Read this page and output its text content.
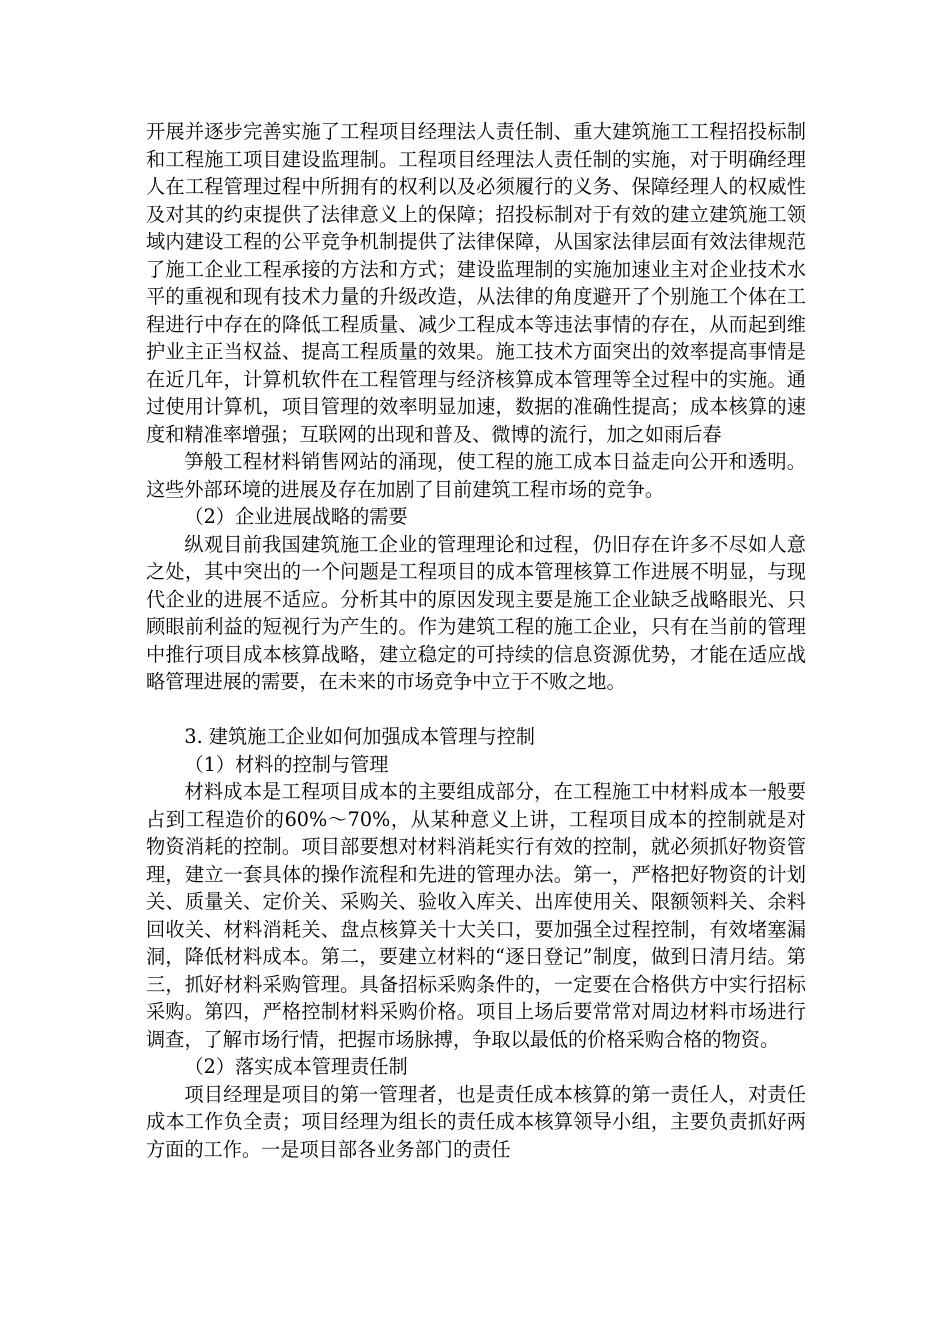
开展并逐步完善实施了工程项目经理法人责任制、重大建筑施工工程招投标制和工程施工项目建设监理制。工程项目经理法人责任制的实施，对于明确经理人在工程管理过程中所拥有的权利以及必须履行的义务、保障经理人的权威性及对其的约束提供了法律意义上的保障；招投标制对于有效的建立建筑施工领域内建设工程的公平竞争机制提供了法律保障，从国家法律层面有效法律规范了施工企业工程承接的方法和方式；建设监理制的实施加速业主对企业技术水平的重视和现有技术力量的升级改造，从法律的角度避开了个别施工个体在工程进行中存在的降低工程质量、减少工程成本等违法事情的存在，从而起到维护业主正当权益、提高工程质量的效果。施工技术方面突出的效率提高事情是在近几年，计算机软件在工程管理与经济核算成本管理等全过程中的实施。通过使用计算机，项目管理的效率明显加速，数据的准确性提高；成本核算的速度和精准率增强；互联网的出现和普及、微博的流行，加之如雨后春

笋般工程材料销售网站的涌现，使工程的施工成本日益走向公开和透明。这些外部环境的进展及存在加剧了目前建筑工程市场的竞争。

（2）企业进展战略的需要

纵观目前我国建筑施工企业的管理理论和过程，仍旧存在许多不尽如人意之处，其中突出的一个问题是工程项目的成本管理核算工作进展不明显，与现代企业的进展不适应。分析其中的原因发现主要是施工企业缺乏战略眼光、只顾眼前利益的短视行为产生的。作为建筑工程的施工企业，只有在当前的管理中推行项目成本核算战略，建立稳定的可持续的信息资源优势，才能在适应战略管理进展的需要，在未来的市场竞争中立于不败之地。

3. 建筑施工企业如何加强成本管理与控制

（1）材料的控制与管理

材料成本是工程项目成本的主要组成部分，在工程施工中材料成本一般要占到工程造价的60%～70%，从某种意义上讲，工程项目成本的控制就是对物资消耗的控制。项目部要想对材料消耗实行有效的控制，就必须抓好物资管理，建立一套具体的操作流程和先进的管理办法。第一，严格把好物资的计划关、质量关、定价关、采购关、验收入库关、出库使用关、限额领料关、余料回收关、材料消耗关、盘点核算关十大关口，要加强全过程控制，有效堵塞漏洞，降低材料成本。第二，要建立材料的“逐日登记”制度，做到日清月结。第三，抓好材料采购管理。具备招标采购条件的，一定要在合格供方中实行招标采购。第四，严格控制材料采购价格。项目上场后要常常对周边材料市场进行调查，了解市场行情，把握市场脉搏，争取以最低的价格采购合格的物资。

（2）落实成本管理责任制

项目经理是项目的第一管理者，也是责任成本核算的第一责任人，对责任成本工作负全责；项目经理为组长的责任成本核算领导小组，主要负责抓好两方面的工作。一是项目部各业务部门的责任
